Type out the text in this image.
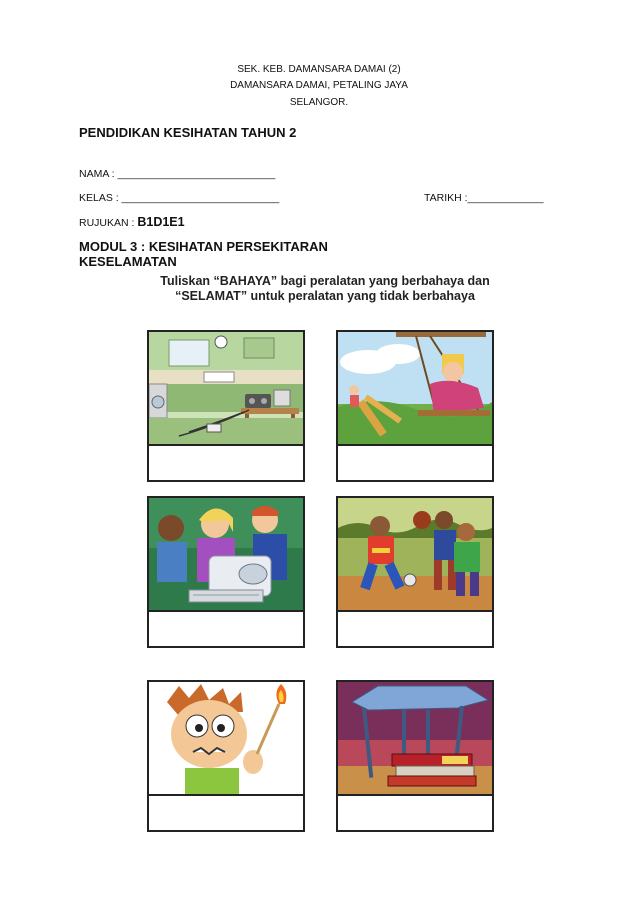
SEK. KEB. DAMANSARA DAMAI (2)
DAMANSARA DAMAI, PETALING JAYA
SELANGOR.
PENDIDIKAN KESIHATAN TAHUN 2
NAMA : ___________________________
KELAS : ___________________________	TARIKH :_____________
RUJUKAN : B1D1E1
MODUL 3 : KESIHATAN PERSEKITARAN
KESELAMATAN
Tuliskan “BAHAYA” bagi peralatan yang berbahaya dan
“SELAMAT” untuk peralatan yang tidak berbahaya
